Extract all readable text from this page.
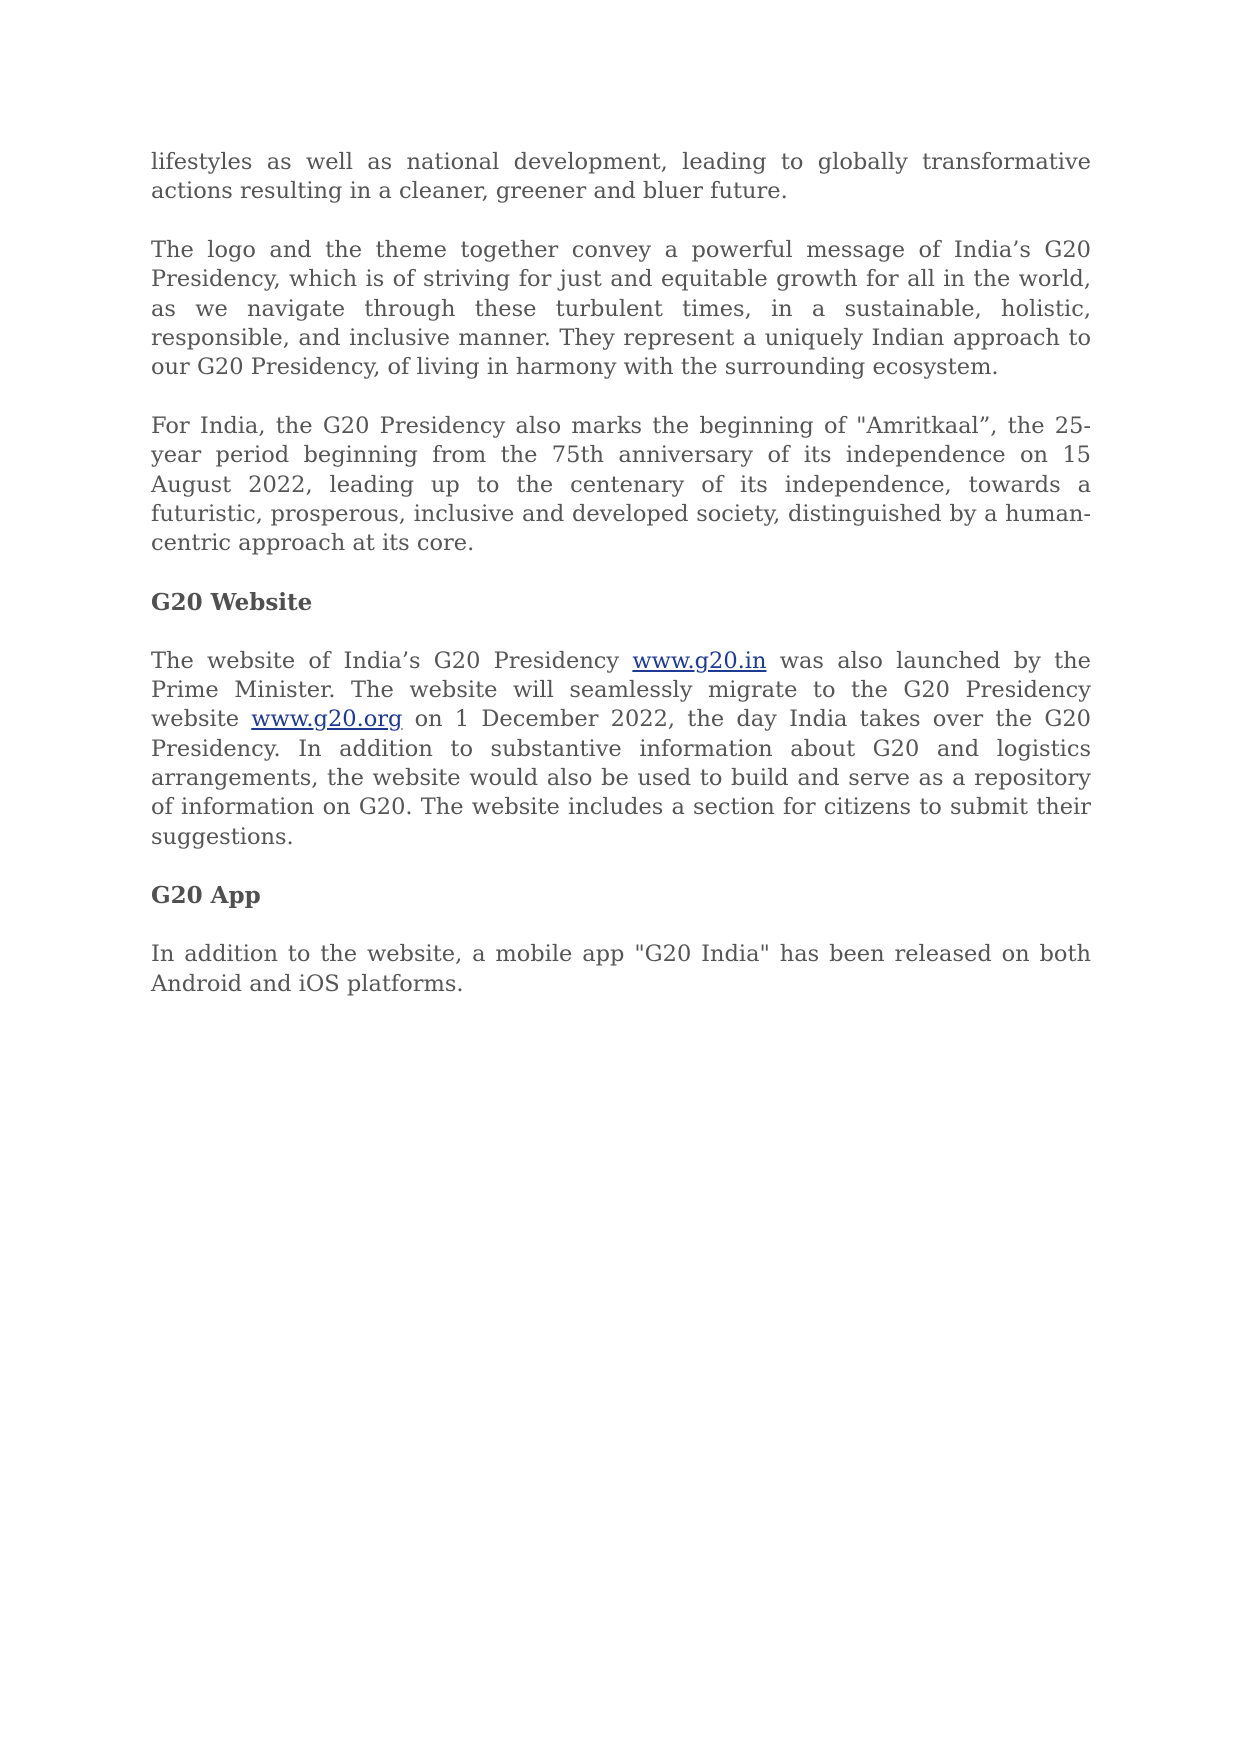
lifestyles as well as national development, leading to globally transformative actions resulting in a cleaner, greener and bluer future.

The logo and the theme together convey a powerful message of India’s G20 Presidency, which is of striving for just and equitable growth for all in the world, as we navigate through these turbulent times, in a sustainable, holistic, responsible, and inclusive manner. They represent a uniquely Indian approach to our G20 Presidency, of living in harmony with the surrounding ecosystem.

For India, the G20 Presidency also marks the beginning of "Amritkaal”, the 25-year period beginning from the 75th anniversary of its independence on 15 August 2022, leading up to the centenary of its independence, towards a futuristic, prosperous, inclusive and developed society, distinguished by a human-centric approach at its core.

G20 Website

The website of India’s G20 Presidency www.g20.in was also launched by the Prime Minister. The website will seamlessly migrate to the G20 Presidency website www.g20.org on 1 December 2022, the day India takes over the G20 Presidency. In addition to substantive information about G20 and logistics arrangements, the website would also be used to build and serve as a repository of information on G20. The website includes a section for citizens to submit their suggestions.

G20 App

In addition to the website, a mobile app "G20 India" has been released on both Android and iOS platforms.
